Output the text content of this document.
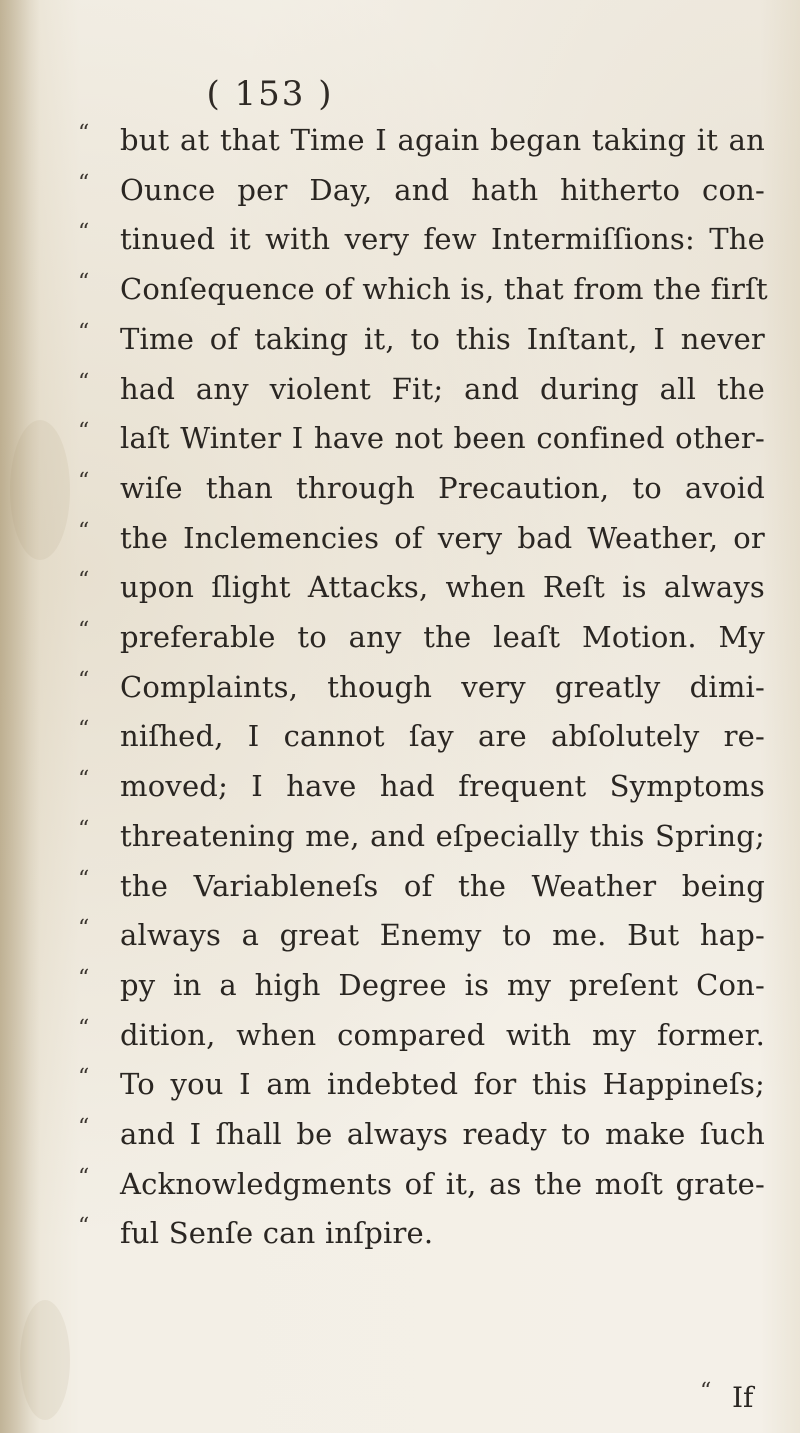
( 153 )
“ but at that Time I again began taking it an
“ Ounce per Day, and hath hitherto con-
“ tinued it with very few Intermiſſions: The
“ Conſequence of which is, that from the firſt
“ Time of taking it, to this Inſtant, I never
“ had any violent Fit; and during all the
“ laſt Winter I have not been confined other-
“ wiſe than through Precaution, to avoid
“ the Inclemencies of very bad Weather, or
“ upon ſlight Attacks, when Reſt is always
“ preferable to any the leaſt Motion. My
“ Complaints, though very greatly dimi-
“ niſhed, I cannot ſay are abſolutely re-
“ moved; I have had frequent Symptoms
“ threatening me, and eſpecially this Spring;
“ the Variableneſs of the Weather being
“ always a great Enemy to me. But hap-
“ py in a high Degree is my preſent Con-
“ dition, when compared with my former.
“ To you I am indebted for this Happineſs;
“ and I ſhall be always ready to make ſuch
“ Acknowledgments of it, as the moſt grate-
“ ful Senſe can inſpire.
“ If
